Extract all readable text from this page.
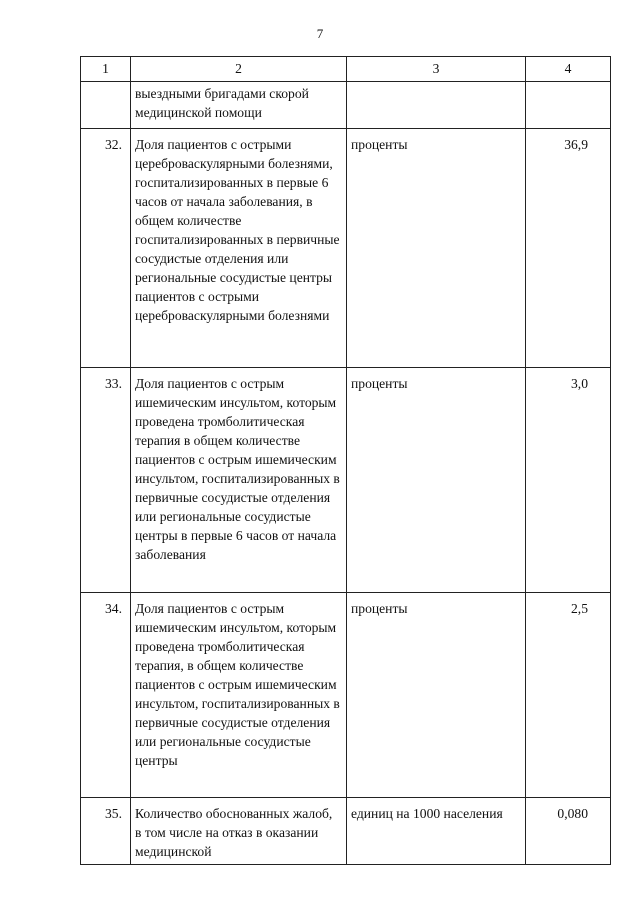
7
1	2	3	4
	выездными бригадами скорой медицинской помощи		
32.	Доля пациентов с острыми цереброваскулярными болезнями, госпитализированных в первые 6 часов от начала заболевания, в общем количестве госпитализированных в первичные сосудистые отделения или региональные сосудистые центры пациентов с острыми цереброваскулярными болезнями	проценты	36,9
33.	Доля пациентов с острым ишемическим инсультом, которым проведена тромболитическая терапия в общем количестве пациентов с острым ишемическим инсультом, госпитализированных в первичные сосудистые отделения или региональные сосудистые центры в первые 6 часов от начала заболевания	проценты	3,0
34.	Доля пациентов с острым ишемическим инсультом, которым проведена тромболитическая терапия, в общем количестве пациентов с острым ишемическим инсультом, госпитализированных в первичные сосудистые отделения или региональные сосудистые центры	проценты	2,5
35.	Количество обоснованных жалоб, в том числе на отказ в оказании медицинской	единиц на 1000 населения	0,080
